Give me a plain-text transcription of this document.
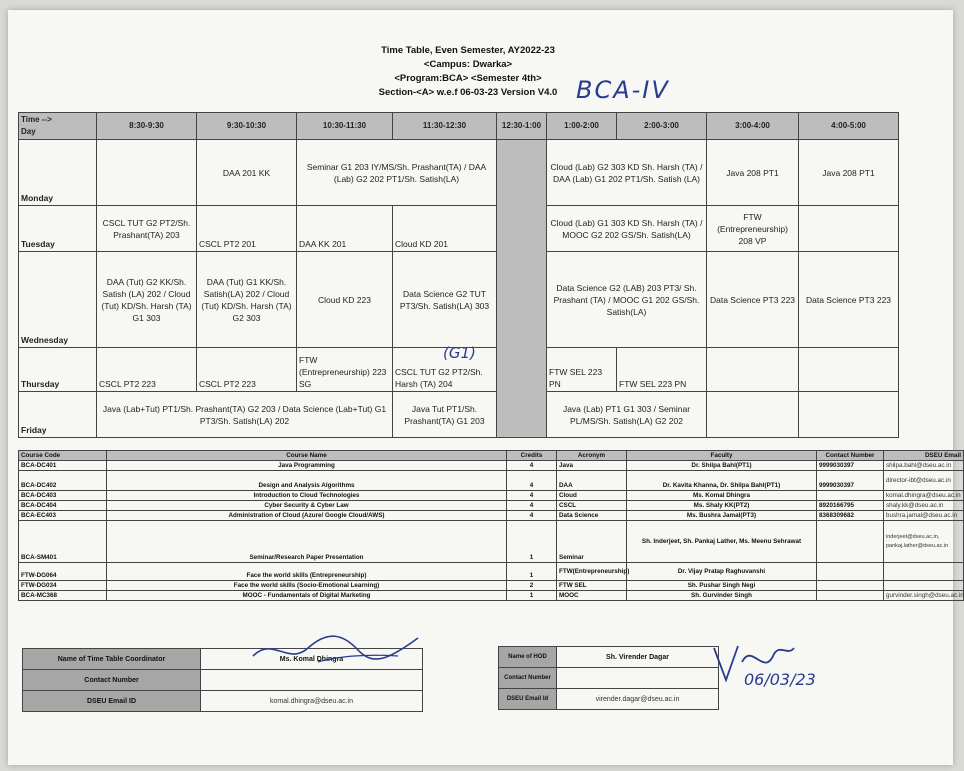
Time Table, Even Semester, AY2022-23
<Campus: Dwarka>
<Program:BCA> <Semester 4th>
Section-<A> w.e.f 06-03-23 Version V4.0 BCA-IV
(G1)
Time -->
Day	8:30-9:30	9:30-10:30	10:30-11:30	11:30-12:30	12:30-1:00	1:00-2:00	2:00-3:00	3:00-4:00	4:00-5:00
Monday		DAA 201 KK	Seminar G1 203 IY/MS/Sh. Prashant(TA) / DAA (Lab) G2 202 PT1/Sh. Satish(LA)			Cloud (Lab) G2 303 KD Sh. Harsh (TA) / DAA (Lab) G1 202 PT1/Sh. Satish (LA)		Java 208 PT1	Java 208 PT1
Tuesday	CSCL TUT G2 PT2/Sh. Prashant(TA) 203	CSCL PT2 201	DAA KK 201	Cloud KD 201		Cloud (Lab) G1 303 KD Sh. Harsh (TA) / MOOC G2 202 GS/Sh. Satish(LA)		FTW (Entrepreneurship) 208 VP	
Wednesday	DAA (Tut) G2 KK/Sh. Satish (LA) 202 / Cloud (Tut) KD/Sh. Harsh (TA) G1 303	DAA (Tut) G1 KK/Sh. Satish(LA) 202 / Cloud (Tut) KD/Sh. Harsh (TA) G2 303	Cloud KD 223	Data Science G2 TUT PT3/Sh. Satish(LA) 303		Data Science G2 (LAB) 203 PT3/ Sh. Prashant (TA) / MOOC G1 202 GS/Sh. Satish(LA)		Data Science PT3 223	Data Science PT3 223
Thursday	CSCL PT2 223	CSCL PT2 223	FTW (Entrepreneurship) 223 SG	CSCL TUT G2 PT2/Sh. Harsh (TA) 204		FTW SEL 223 PN	FTW SEL 223 PN		
Friday	Java (Lab+Tut) PT1/Sh. Prashant(TA) G2 203 / Data Science (Lab+Tut) G1 PT3/Sh. Satish(LA) 202			Java Tut PT1/Sh. Prashant(TA) G1 203		Java (Lab) PT1 G1 303 / Seminar PL/MS/Sh. Satish(LA) G2 202			
Course Code	Course Name	Credits	Acronym	Faculty	Contact Number	DSEU Email
BCA-DC401	Java Programming	4	Java	Dr. Shilpa Bahl(PT1)	9999030397	shilpa.bahl@dseu.ac.in
BCA-DC402	Design and Analysis Algorithms	4	DAA	Dr. Kavita Khanna, Dr. Shilpa Bahl(PT1)	9999030397	director-ibt@dseu.ac.in
BCA-DC403	Introduction to Cloud Technologies	4	Cloud	Ms. Komal Dhingra		komal.dhingra@dseu.ac.in
BCA-DC404	Cyber Security & Cyber Law	4	CSCL	Ms. Shaly KK(PT2)	8920166795	shaly.kk@dseu.ac.in
BCA-EC403	Administration of Cloud (Azure/ Google Cloud/AWS)	4	Data Science	Ms. Bushra Jamal(PT3)	8368309682	bushra.jamal@dseu.ac.in
BCA-SM401	Seminar/Research Paper Presentation	1	Seminar	Sh. Inderjeet, Sh. Pankaj Lather, Ms. Meenu Sehrawat		inderjeet@dseu.ac.in, pankaj.lather@dseu.ac.in
FTW-DG064	Face the world skills (Entrepreneurship)	1	FTW(Entrepreneurship)	Dr. Vijay Pratap Raghuvanshi		
FTW-DG034	Face the world skills (Socio-Emotional Learning)	2	FTW SEL	Sh. Pushar Singh Negi		
BCA-MC368	MOOC - Fundamentals of Digital Marketing	1	MOOC	Sh. Gurvinder Singh		gurvinder.singh@dseu.ac.in
Name of Time Table Coordinator	Ms. Komal Dhingra
Contact Number	
DSEU Email ID	komal.dhingra@dseu.ac.in
Name of HOD	Sh. Virender Dagar
Contact Number	
DSEU Email Id	virender.dagar@dseu.ac.in
06/03/23
